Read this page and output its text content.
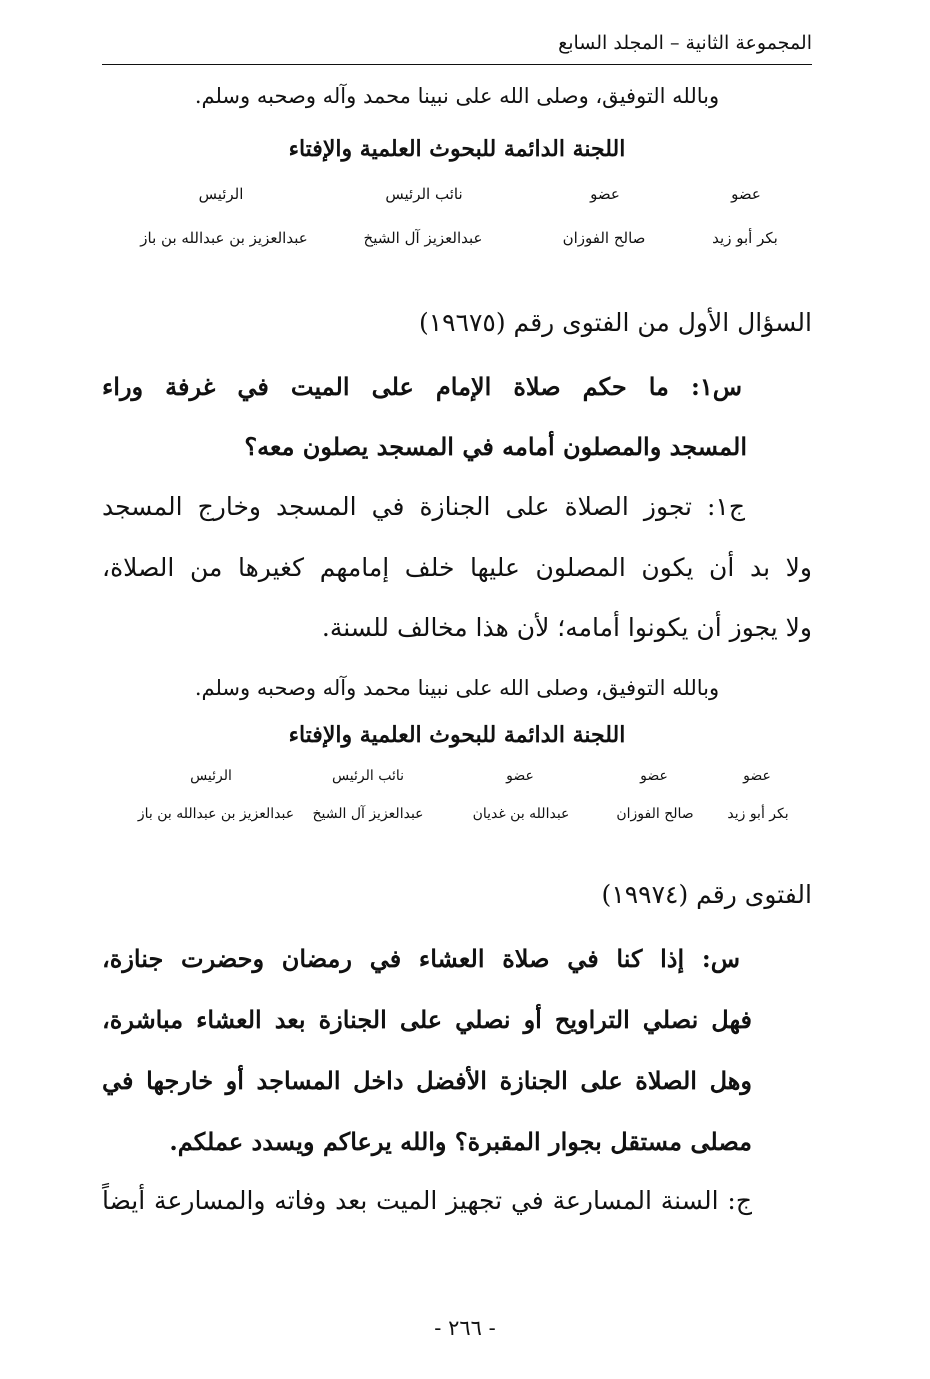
المجموعة الثانية – المجلد السابع
وبالله التوفيق، وصلى الله على نبينا محمد وآله وصحبه وسلم.
اللجنة الدائمة للبحوث العلمية والإفتاء
عضو
عضو
نائب الرئيس
الرئيس
بكر أبو زيد
صالح الفوزان
عبدالعزيز آل الشيخ
عبدالعزيز بن عبدالله بن باز
السؤال الأول من الفتوى رقم (١٩٦٧٥)
س١: ما حكم صلاة الإمام على الميت في غرفة وراء
المسجد والمصلون أمامه في المسجد يصلون معه؟
ج١: تجوز الصلاة على الجنازة في المسجد وخارج المسجد
ولا بد أن يكون المصلون عليها خلف إمامهم كغيرها من الصلاة،
ولا يجوز أن يكونوا أمامه؛ لأن هذا مخالف للسنة.
وبالله التوفيق، وصلى الله على نبينا محمد وآله وصحبه وسلم.
اللجنة الدائمة للبحوث العلمية والإفتاء
عضو
عضو
عضو
نائب الرئيس
الرئيس
بكر أبو زيد
صالح الفوزان
عبدالله بن غديان
عبدالعزيز آل الشيخ
عبدالعزيز بن عبدالله بن باز
الفتوى رقم (١٩٩٧٤)
س: إذا كنا في صلاة العشاء في رمضان وحضرت جنازة،
فهل نصلي التراويح أو نصلي على الجنازة بعد العشاء مباشرة،
وهل الصلاة على الجنازة الأفضل داخل المساجد أو خارجها في
مصلى مستقل بجوار المقبرة؟ والله يرعاكم ويسدد عملكم.
ج: السنة المسارعة في تجهيز الميت بعد وفاته والمسارعة أيضاً
- ٢٦٦ -
